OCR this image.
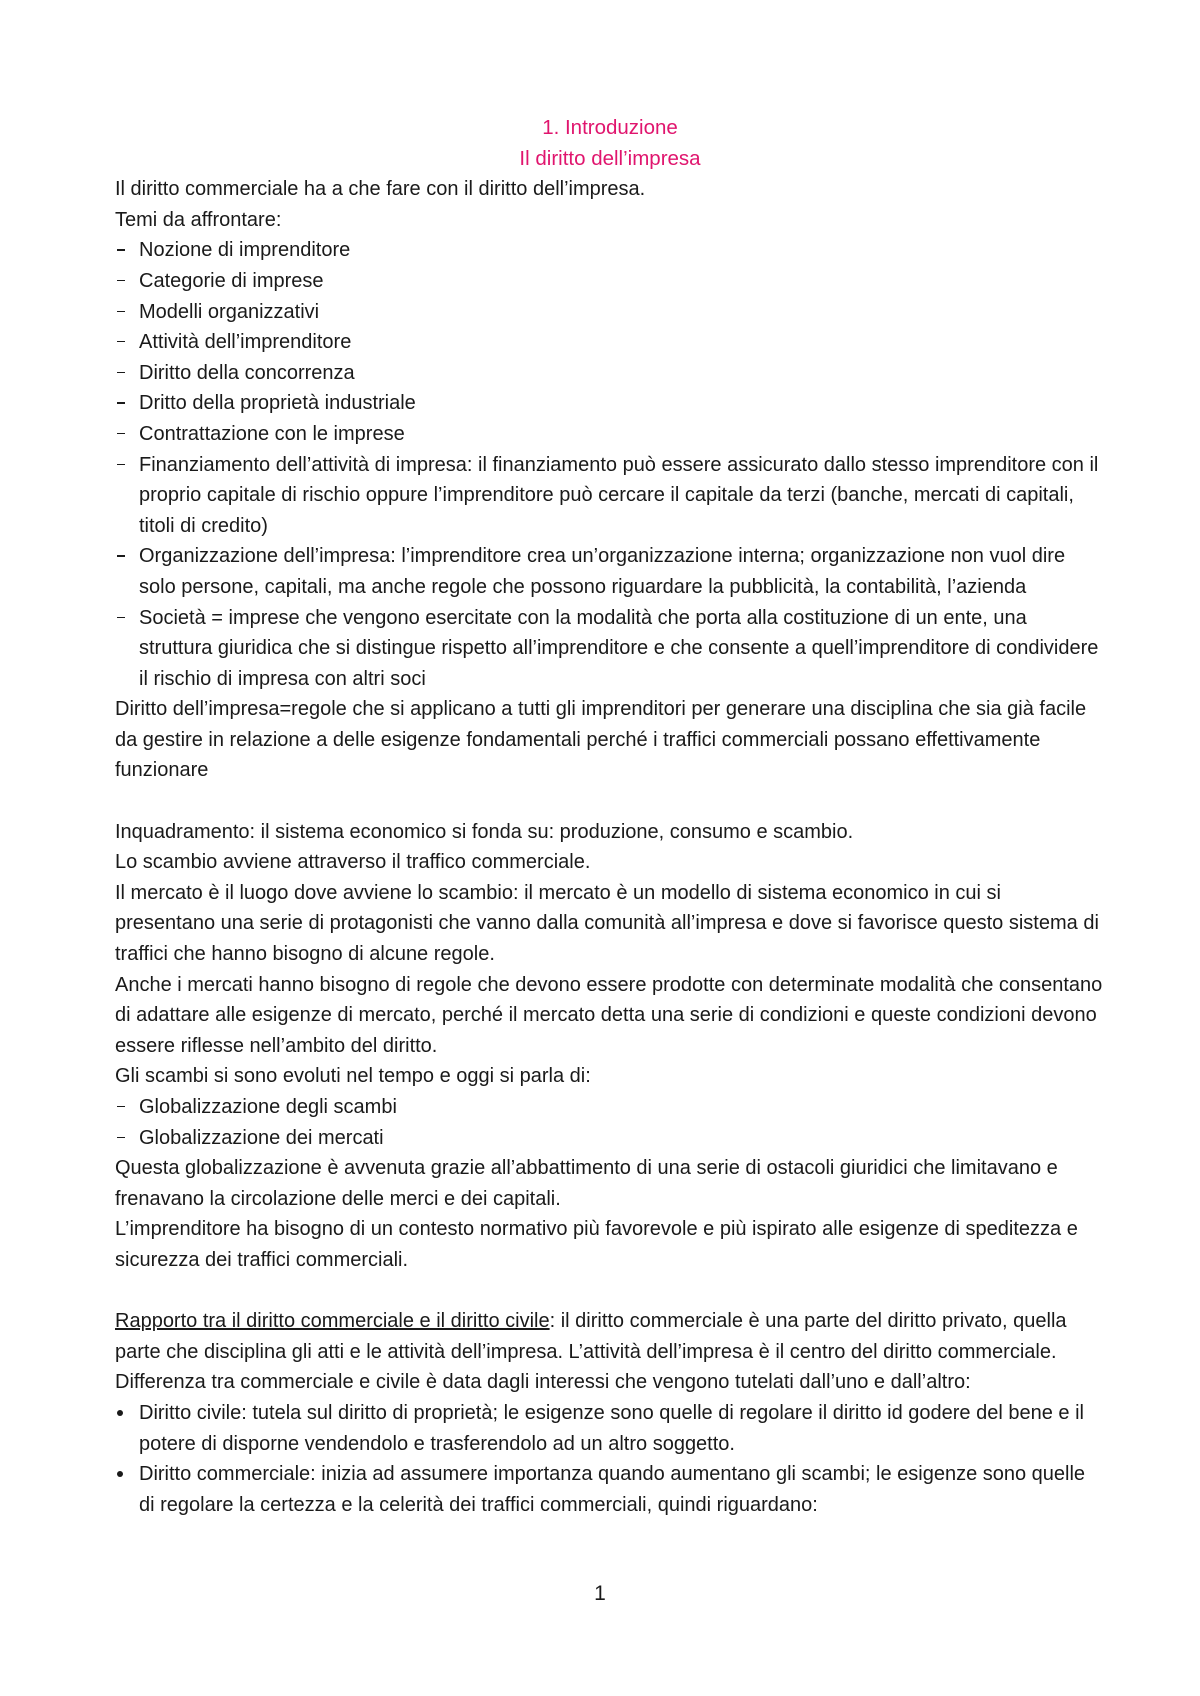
1. Introduzione
Il diritto dell’impresa

Il diritto commerciale ha a che fare con il diritto dell’impresa.

Temi da affrontare:

Nozione di imprenditore
Categorie di imprese
Modelli organizzativi
Attività dell’imprenditore
Diritto della concorrenza
Dritto della proprietà industriale
Contrattazione con le imprese
Finanziamento dell’attività di impresa: il finanziamento può essere assicurato dallo stesso imprenditore con il proprio capitale di rischio oppure l’imprenditore può cercare il capitale da terzi (banche, mercati di capitali, titoli di credito)
Organizzazione dell’impresa: l’imprenditore crea un’organizzazione interna; organizzazione non vuol dire solo persone, capitali, ma anche regole che possono riguardare la pubblicità, la contabilità, l’azienda
Società = imprese che vengono esercitate con la modalità che porta alla costituzione di un ente, una struttura giuridica che si distingue rispetto all’imprenditore e che consente a quell’imprenditore di condividere il rischio di impresa con altri soci

Diritto dell’impresa=regole che si applicano a tutti gli imprenditori per generare una disciplina che sia già facile da gestire in relazione a delle esigenze fondamentali perché i traffici commerciali possano effettivamente funzionare

Inquadramento: il sistema economico si fonda su: produzione, consumo e scambio.

Lo scambio avviene attraverso il traffico commerciale.

Il mercato è il luogo dove avviene lo scambio: il mercato è un modello di sistema economico in cui si presentano una serie di protagonisti che vanno dalla comunità all’impresa e dove si favorisce questo sistema di traffici che hanno bisogno di alcune regole.

Anche i mercati hanno bisogno di regole che devono essere prodotte con determinate modalità che consentano di adattare alle esigenze di mercato, perché il mercato detta una serie di condizioni e queste condizioni devono essere riflesse nell’ambito del diritto.

Gli scambi si sono evoluti nel tempo e oggi si parla di:

Globalizzazione degli scambi
Globalizzazione dei mercati

Questa globalizzazione è avvenuta grazie all’abbattimento di una serie di ostacoli giuridici che limitavano e frenavano la circolazione delle merci e dei capitali.

L’imprenditore ha bisogno di un contesto normativo più favorevole e più ispirato alle esigenze di speditezza e sicurezza dei traffici commerciali.

Rapporto tra il diritto commerciale e il diritto civile: il diritto commerciale è una parte del diritto privato, quella parte che disciplina gli atti e le attività dell’impresa. L’attività dell’impresa è il centro del diritto commerciale.

Differenza tra commerciale e civile è data dagli interessi che vengono tutelati dall’uno e dall’altro:

Diritto civile: tutela sul diritto di proprietà; le esigenze sono quelle di regolare il diritto id godere del bene e il potere di disporne vendendolo e trasferendolo ad un altro soggetto.
Diritto commerciale: inizia ad assumere importanza quando aumentano gli scambi; le esigenze sono quelle di regolare la certezza e la celerità dei traffici commerciali, quindi riguardano:
1
